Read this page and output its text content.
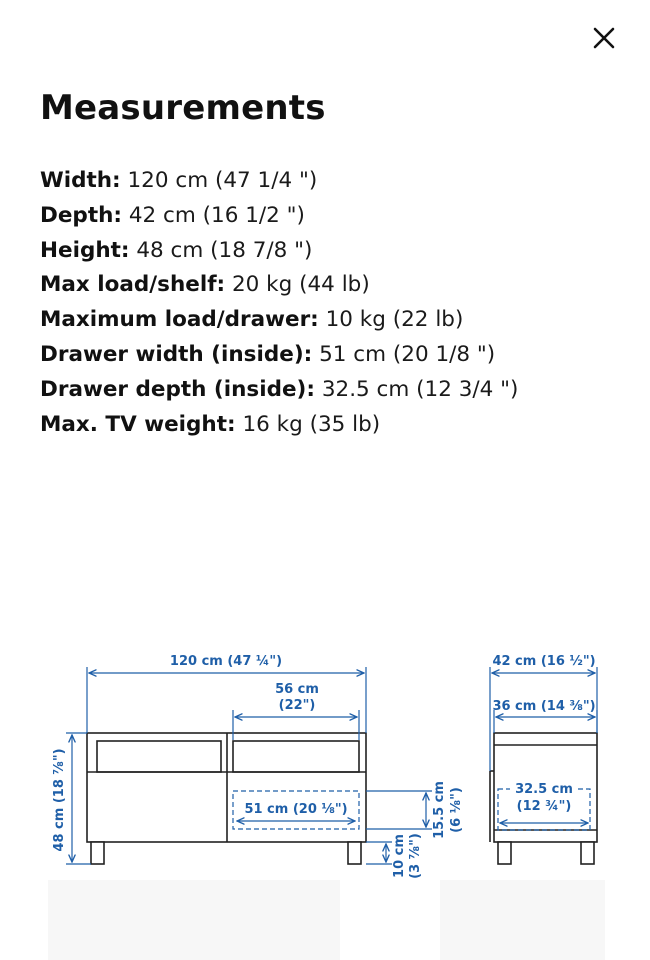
Measurements
Width: 120 cm (47 1/4 ")
Depth: 42 cm (16 1/2 ")
Height: 48 cm (18 7/8 ")
Max load/shelf: 20 kg (44 lb)
Maximum load/drawer: 10 kg (22 lb)
Drawer width (inside): 51 cm (20 1/8 ")
Drawer depth (inside): 32.5 cm (12 3/4 ")
Max. TV weight: 16 kg (35 lb)
120 cm (47 ¼")
56 cm
(22")
48 cm (18 ⅞")	51 cm (20 ⅛")	15.5 cm (6 ⅛")
10 cm (3 ⅞")
42 cm (16 ½")
36 cm (14 ⅜")
32.5 cm
(12 ¾")
